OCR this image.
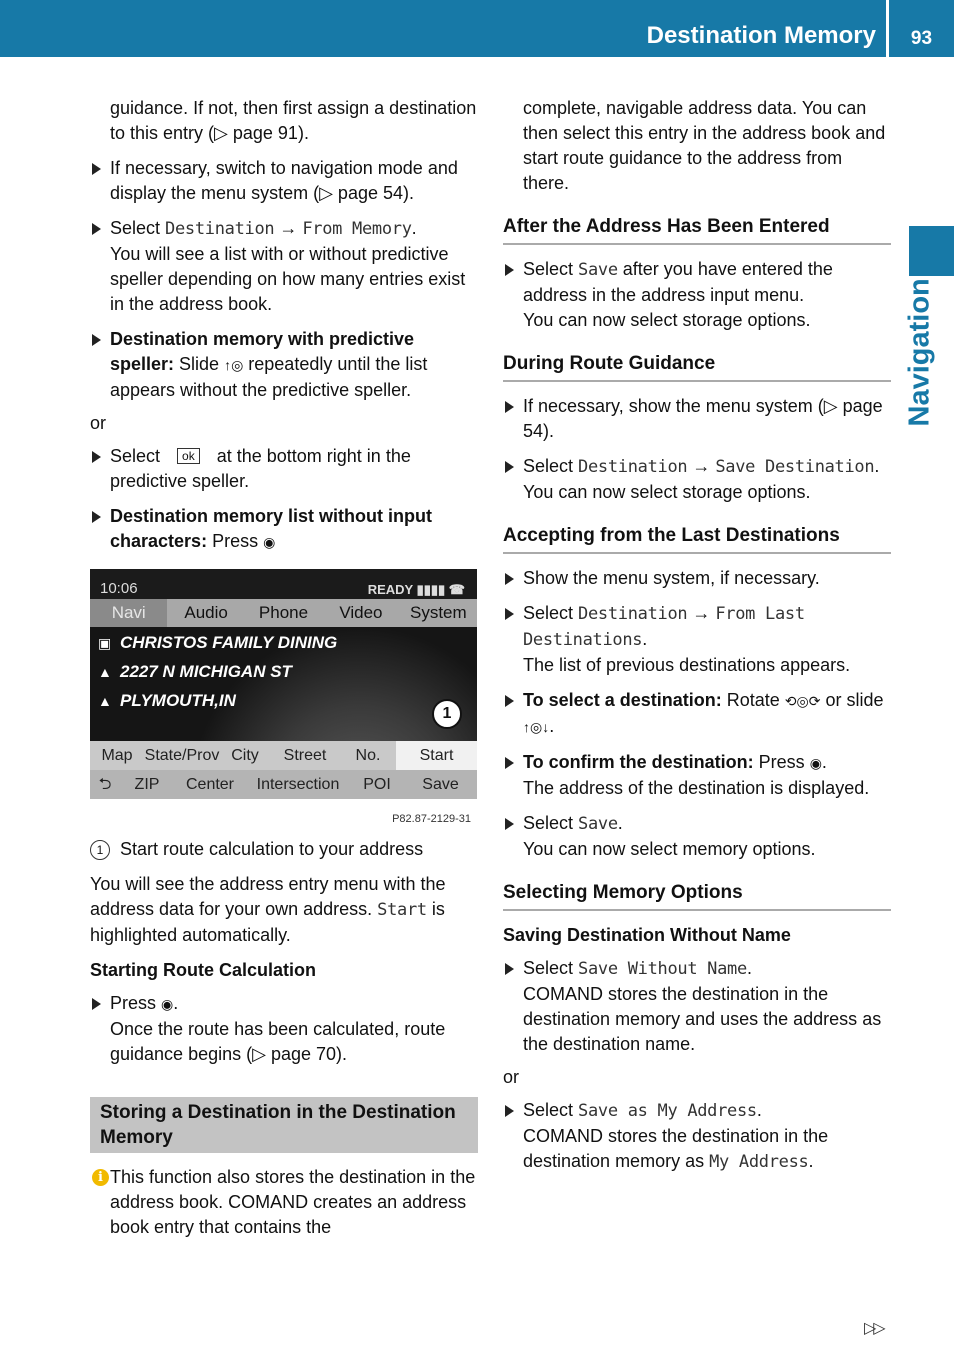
Destination Memory	93
Navigation

guidance. If not, then first assign a destination to this entry (▷ page 91).

If necessary, switch to navigation mode and display the menu system (▷ page 54).
Select Destination → From Memory.
You will see a list with or without predictive speller depending on how many entries exist in the address book.
Destination memory with predictive speller: Slide ↑◎ repeatedly until the list appears without the predictive speller.

or

Select ok at the bottom right in the predictive speller.
Destination memory list without input characters: Press ◉
10:06	READY ▮▮▮▮ ☎
Navi	Audio	Phone	Video	System
▣ CHRISTOS FAMILY DINING
▲ 2227 N MICHIGAN ST
▲ PLYMOUTH,IN
1
Map State/Prov City	Street	No.	Start
⮌	ZIP	Center	Intersection	POI	Save
P82.87-2129-31

1 Start route calculation to your address

You will see the address entry menu with the address data for your own address. Start is highlighted automatically.

Starting Route Calculation
Press ◉.
Once the route has been calculated, route guidance begins (▷ page 70).
Storing a Destination in the Destination Memory
i This function also stores the destination in the address book. COMAND creates an address book entry that contains the

complete, navigable address data. You can then select this entry in the address book and start route guidance to the address from there.

After the Address Has Been Entered
Select Save after you have entered the address in the address input menu.
You can now select storage options.
During Route Guidance
If necessary, show the menu system (▷ page 54).
Select Destination → Save Destination.
You can now select storage options.
Accepting from the Last Destinations
Show the menu system, if necessary.
Select Destination → From Last Destinations.
The list of previous destinations appears.
To select a destination: Rotate ⟲◎⟳ or slide ↑◎↓.
To confirm the destination: Press ◉.
The address of the destination is displayed.
Select Save.
You can now select memory options.
Selecting Memory Options
Saving Destination Without Name
Select Save Without Name.
COMAND stores the destination in the destination memory and uses the address as the destination name.

or

Select Save as My Address.
COMAND stores the destination in the destination memory as My Address.
▷▷
